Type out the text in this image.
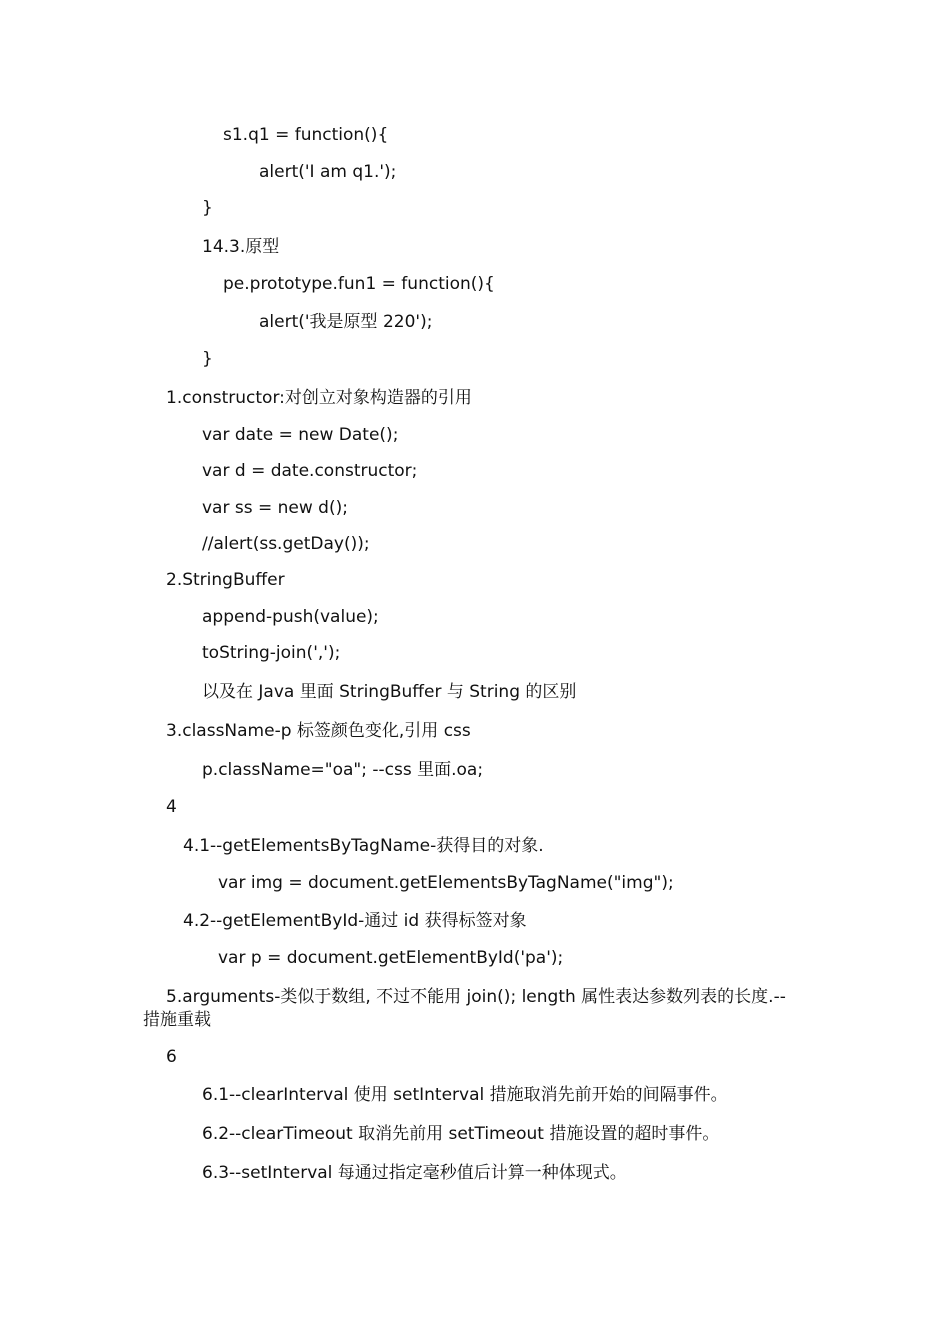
s1.q1 = function(){
alert('I am q1.');
}
14.3.原型
pe.prototype.fun1 = function(){
alert('我是原型 220');
}
1.constructor:对创立对象构造器的引用
var date = new Date();
var d = date.constructor;
var ss = new d();
//alert(ss.getDay());
2.StringBuffer
append-push(value);
toString-join(',');
以及在 Java 里面 StringBuffer 与 String 的区别
3.className-p 标签颜色变化,引用 css
p.className="oa"; --css 里面.oa;
4
4.1--getElementsByTagName-获得目的对象.
var img = document.getElementsByTagName("img");
4.2--getElementById-通过 id 获得标签对象
var p = document.getElementById('pa');
5.arguments-类似于数组, 不过不能用 join(); length 属性表达参数列表的长度.--
措施重载
6
6.1--clearInterval 使用 setInterval 措施取消先前开始的间隔事件。
6.2--clearTimeout 取消先前用 setTimeout 措施设置的超时事件。
6.3--setInterval 每通过指定毫秒值后计算一种体现式。
